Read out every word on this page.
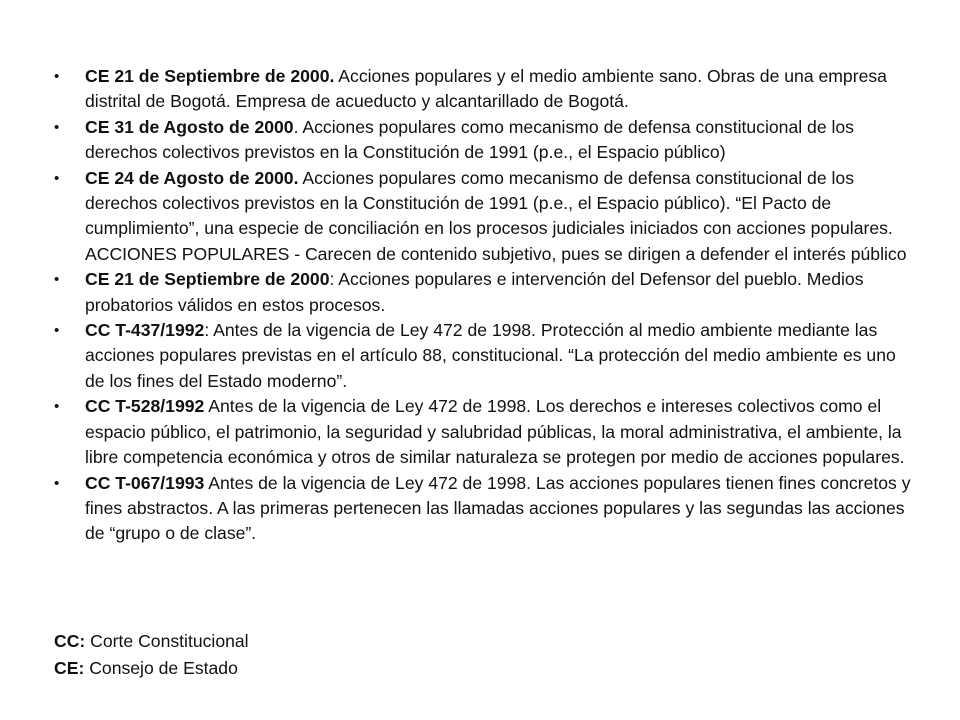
• CE 21 de Septiembre de 2000. Acciones populares y el medio ambiente sano. Obras de una empresa distrital de Bogotá. Empresa de acueducto y alcantarillado de Bogotá.
• CE 31 de Agosto de 2000. Acciones populares como mecanismo de defensa constitucional de los derechos colectivos previstos en la Constitución de 1991 (p.e., el Espacio público)
• CE 24 de Agosto de 2000. Acciones populares como mecanismo de defensa constitucional de los derechos colectivos previstos en la Constitución de 1991 (p.e., el Espacio público). “El Pacto de cumplimiento”, una especie de conciliación en los procesos judiciales iniciados con acciones populares. ACCIONES POPULARES - Carecen de contenido subjetivo, pues se dirigen a defender el interés público
• CE 21 de Septiembre de 2000: Acciones populares e intervención del Defensor del pueblo. Medios probatorios válidos en estos procesos.
• CC T-437/1992: Antes de la vigencia de Ley 472 de 1998. Protección al medio ambiente mediante las acciones populares previstas en el artículo 88, constitucional. “La protección del medio ambiente es uno de los fines del Estado moderno”.
• CC T-528/1992 Antes de la vigencia de Ley 472 de 1998. Los derechos e intereses colectivos como el espacio público, el patrimonio, la seguridad y salubridad públicas, la moral administrativa, el ambiente, la libre competencia económica y otros de similar naturaleza se protegen por medio de acciones populares.
• CC T-067/1993 Antes de la vigencia de Ley 472 de 1998. Las acciones populares tienen fines concretos y fines abstractos. A las primeras pertenecen las llamadas acciones populares y las segundas las acciones de “grupo o de clase”.
CC: Corte Constitucional
CE: Consejo de Estado
